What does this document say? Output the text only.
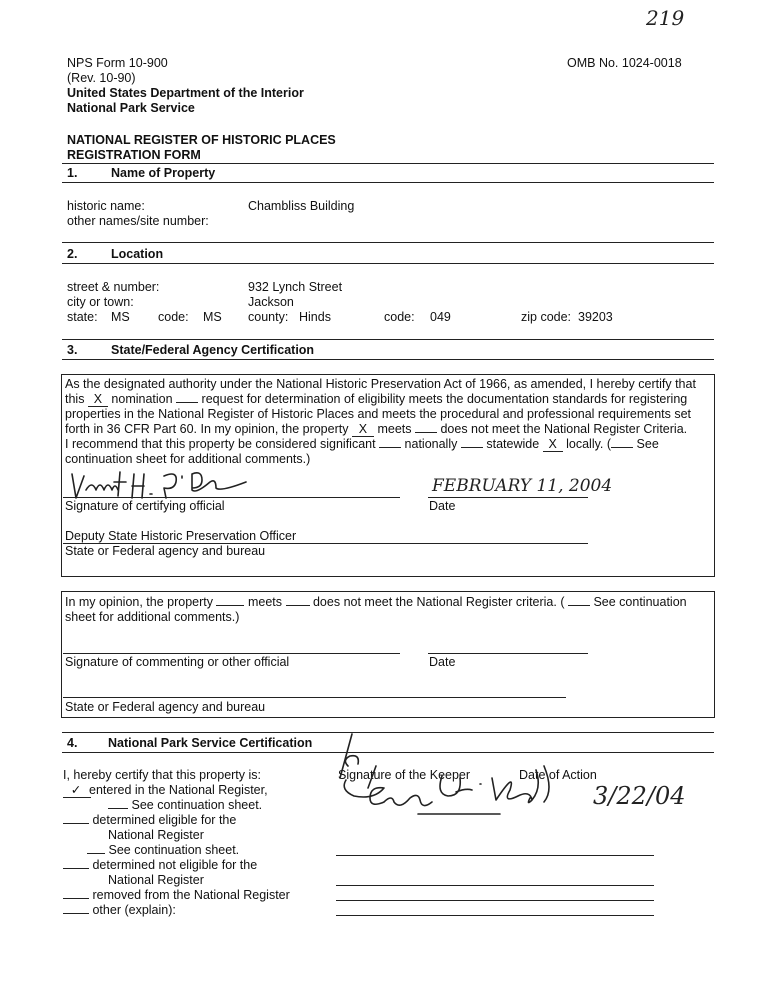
219
NPS Form 10-900
(Rev. 10-90)
United States Department of the Interior
National Park Service
OMB No. 1024-0018
NATIONAL REGISTER OF HISTORIC PLACES
REGISTRATION FORM
1.	Name of Property
historic name:	Chambliss Building
other names/site number:
2.	Location
street & number:	932 Lynch Street
city or town:	Jackson
state: MS code: MS county: Hinds	code: 049	zip code: 39203
3.	State/Federal Agency Certification
As the designated authority under the National Historic Preservation Act of 1966, as amended, I hereby certify that
this X nomination request for determination of eligibility meets the documentation standards for registering
properties in the National Register of Historic Places and meets the procedural and professional requirements set
forth in 36 CFR Part 60. In my opinion, the property X meets does not meet the National Register Criteria.
I recommend that this property be considered significant nationally statewide X locally. ( See
continuation sheet for additional comments.)
FEBRUARY 11, 2004
Signature of certifying official	Date
Deputy State Historic Preservation Officer
State or Federal agency and bureau
In my opinion, the property	meets does not meet the National Register criteria. ( See continuation
sheet for additional comments.)
Signature of commenting or other official	Date
State or Federal agency and bureau
4. National Park Service Certification
I, hereby certify that this property is:
✓ entered in the National Register,
See continuation sheet.
determined eligible for the
National Register
See continuation sheet.
determined not eligible for the
National Register
removed from the National Register
other (explain):
Signature of the Keeper	Date of Action
3/22/04
